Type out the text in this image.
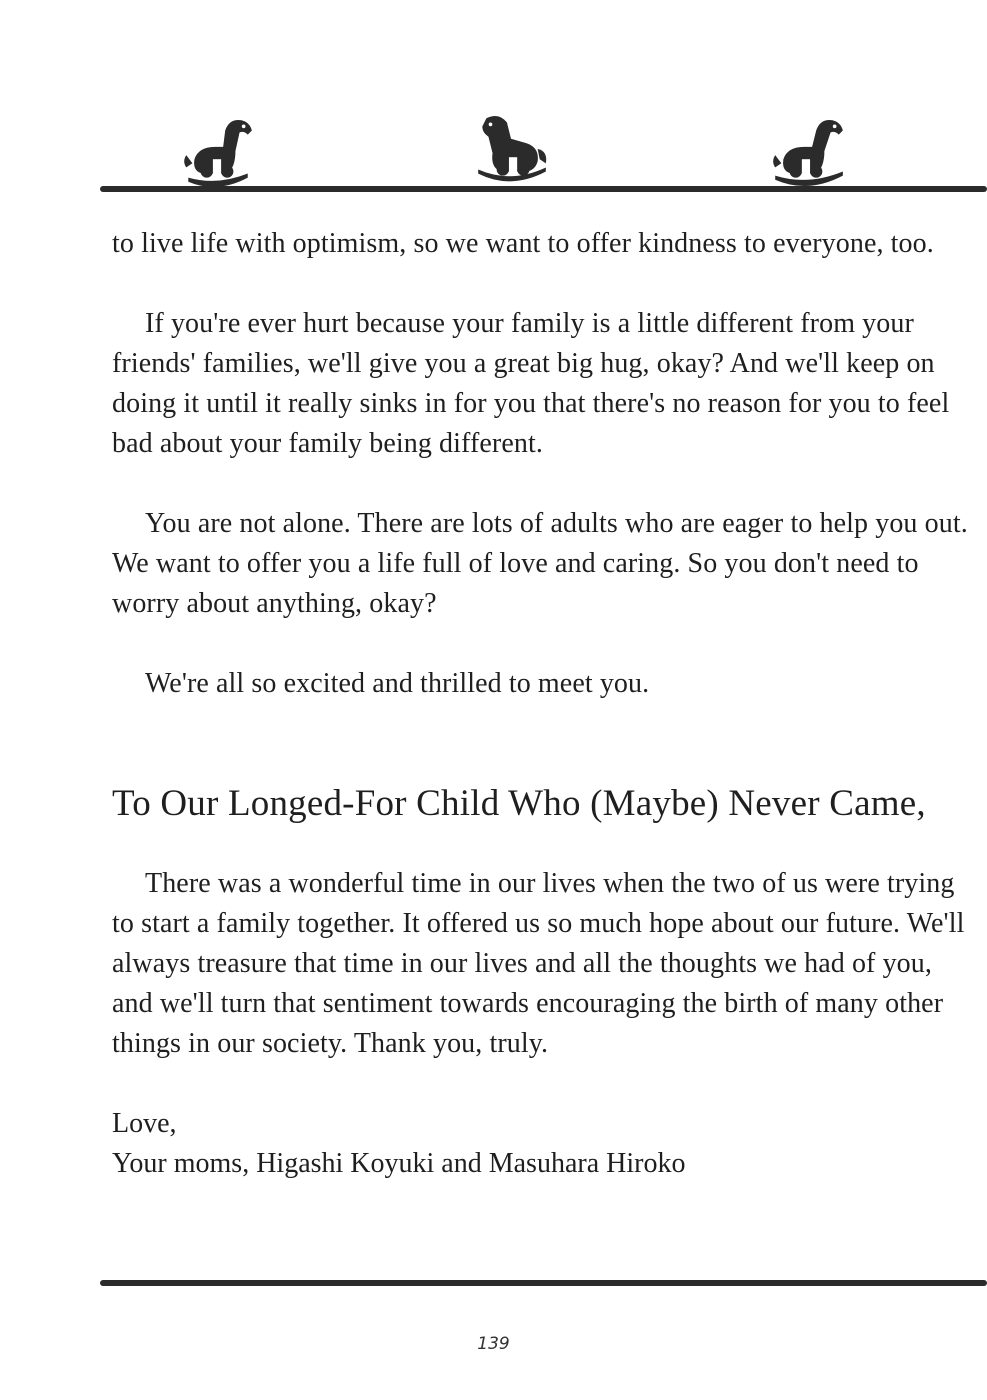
to live life with optimism, so we want to offer kindness to everyone, too.

If you're ever hurt because your family is a little different from your friends' families, we'll give you a great big hug, okay? And we'll keep on doing it until it really sinks in for you that there's no reason for you to feel bad about your family being different.

You are not alone. There are lots of adults who are eager to help you out. We want to offer you a life full of love and caring. So you don't need to worry about anything, okay?

We're all so excited and thrilled to meet you.

To Our Longed-For Child Who (Maybe) Never Came,

There was a wonderful time in our lives when the two of us were trying to start a family together. It offered us so much hope about our future. We'll always treasure that time in our lives and all the thoughts we had of you, and we'll turn that sentiment towards encouraging the birth of many other things in our society. Thank you, truly.

Love,

Your moms, Higashi Koyuki and Masuhara Hiroko

139
